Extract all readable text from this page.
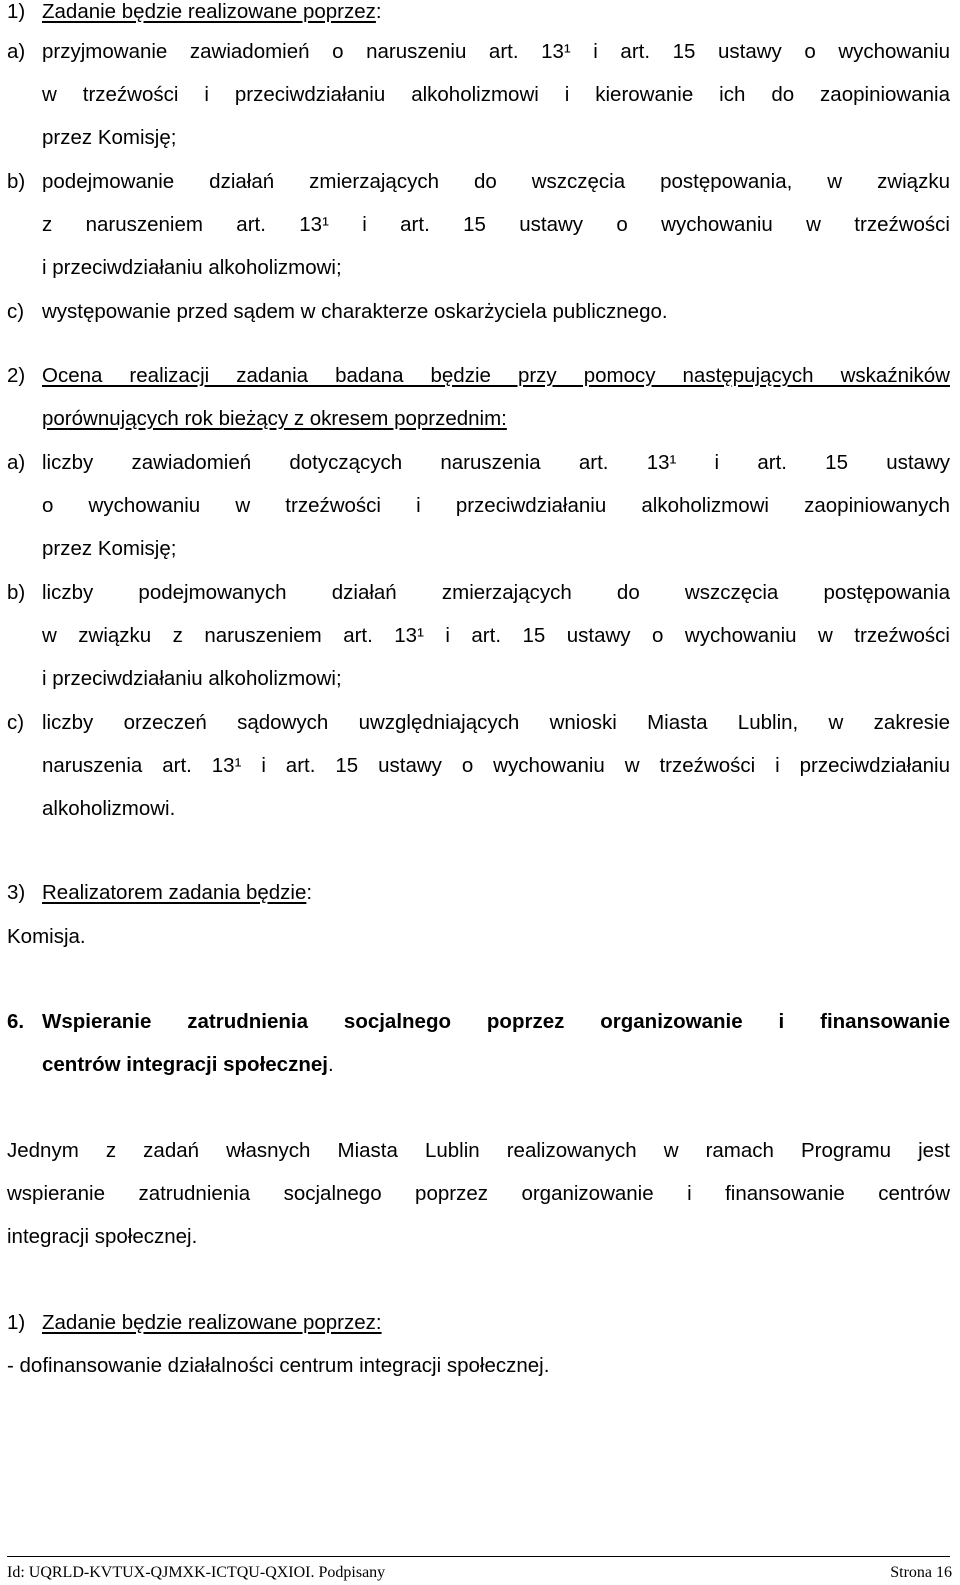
1) Zadanie będzie realizowane poprzez:
a) przyjmowanie zawiadomień o naruszeniu art. 13¹ i art. 15 ustawy o wychowaniu
w trzeźwości i przeciwdziałaniu alkoholizmowi i kierowanie ich do zaopiniowania
przez Komisję;
b) podejmowanie działań zmierzających do wszczęcia postępowania, w związku
z naruszeniem art. 13¹ i art. 15 ustawy o wychowaniu w trzeźwości
i przeciwdziałaniu alkoholizmowi;
c) występowanie przed sądem w charakterze oskarżyciela publicznego.
2) Ocena realizacji zadania badana będzie przy pomocy następujących wskaźników
porównujących rok bieżący z okresem poprzednim:
a) liczby zawiadomień dotyczących naruszenia art. 13¹ i art. 15 ustawy
o wychowaniu w trzeźwości i przeciwdziałaniu alkoholizmowi zaopiniowanych
przez Komisję;
b) liczby podejmowanych działań zmierzających do wszczęcia postępowania
w związku z naruszeniem art. 13¹ i art. 15 ustawy o wychowaniu w trzeźwości
i przeciwdziałaniu alkoholizmowi;
c) liczby orzeczeń sądowych uwzględniających wnioski Miasta Lublin, w zakresie
naruszenia art. 13¹ i art. 15 ustawy o wychowaniu w trzeźwości i przeciwdziałaniu
alkoholizmowi.
3) Realizatorem zadania będzie:
Komisja.
6. Wspieranie zatrudnienia socjalnego poprzez organizowanie i finansowanie
centrów integracji społecznej.
Jednym z zadań własnych Miasta Lublin realizowanych w ramach Programu jest
wspieranie zatrudnienia socjalnego poprzez organizowanie i finansowanie centrów
integracji społecznej.
1) Zadanie będzie realizowane poprzez:
- dofinansowanie działalności centrum integracji społecznej.
Id: UQRLD-KVTUX-QJMXK-ICTQU-QXIOI. Podpisany	Strona 16
